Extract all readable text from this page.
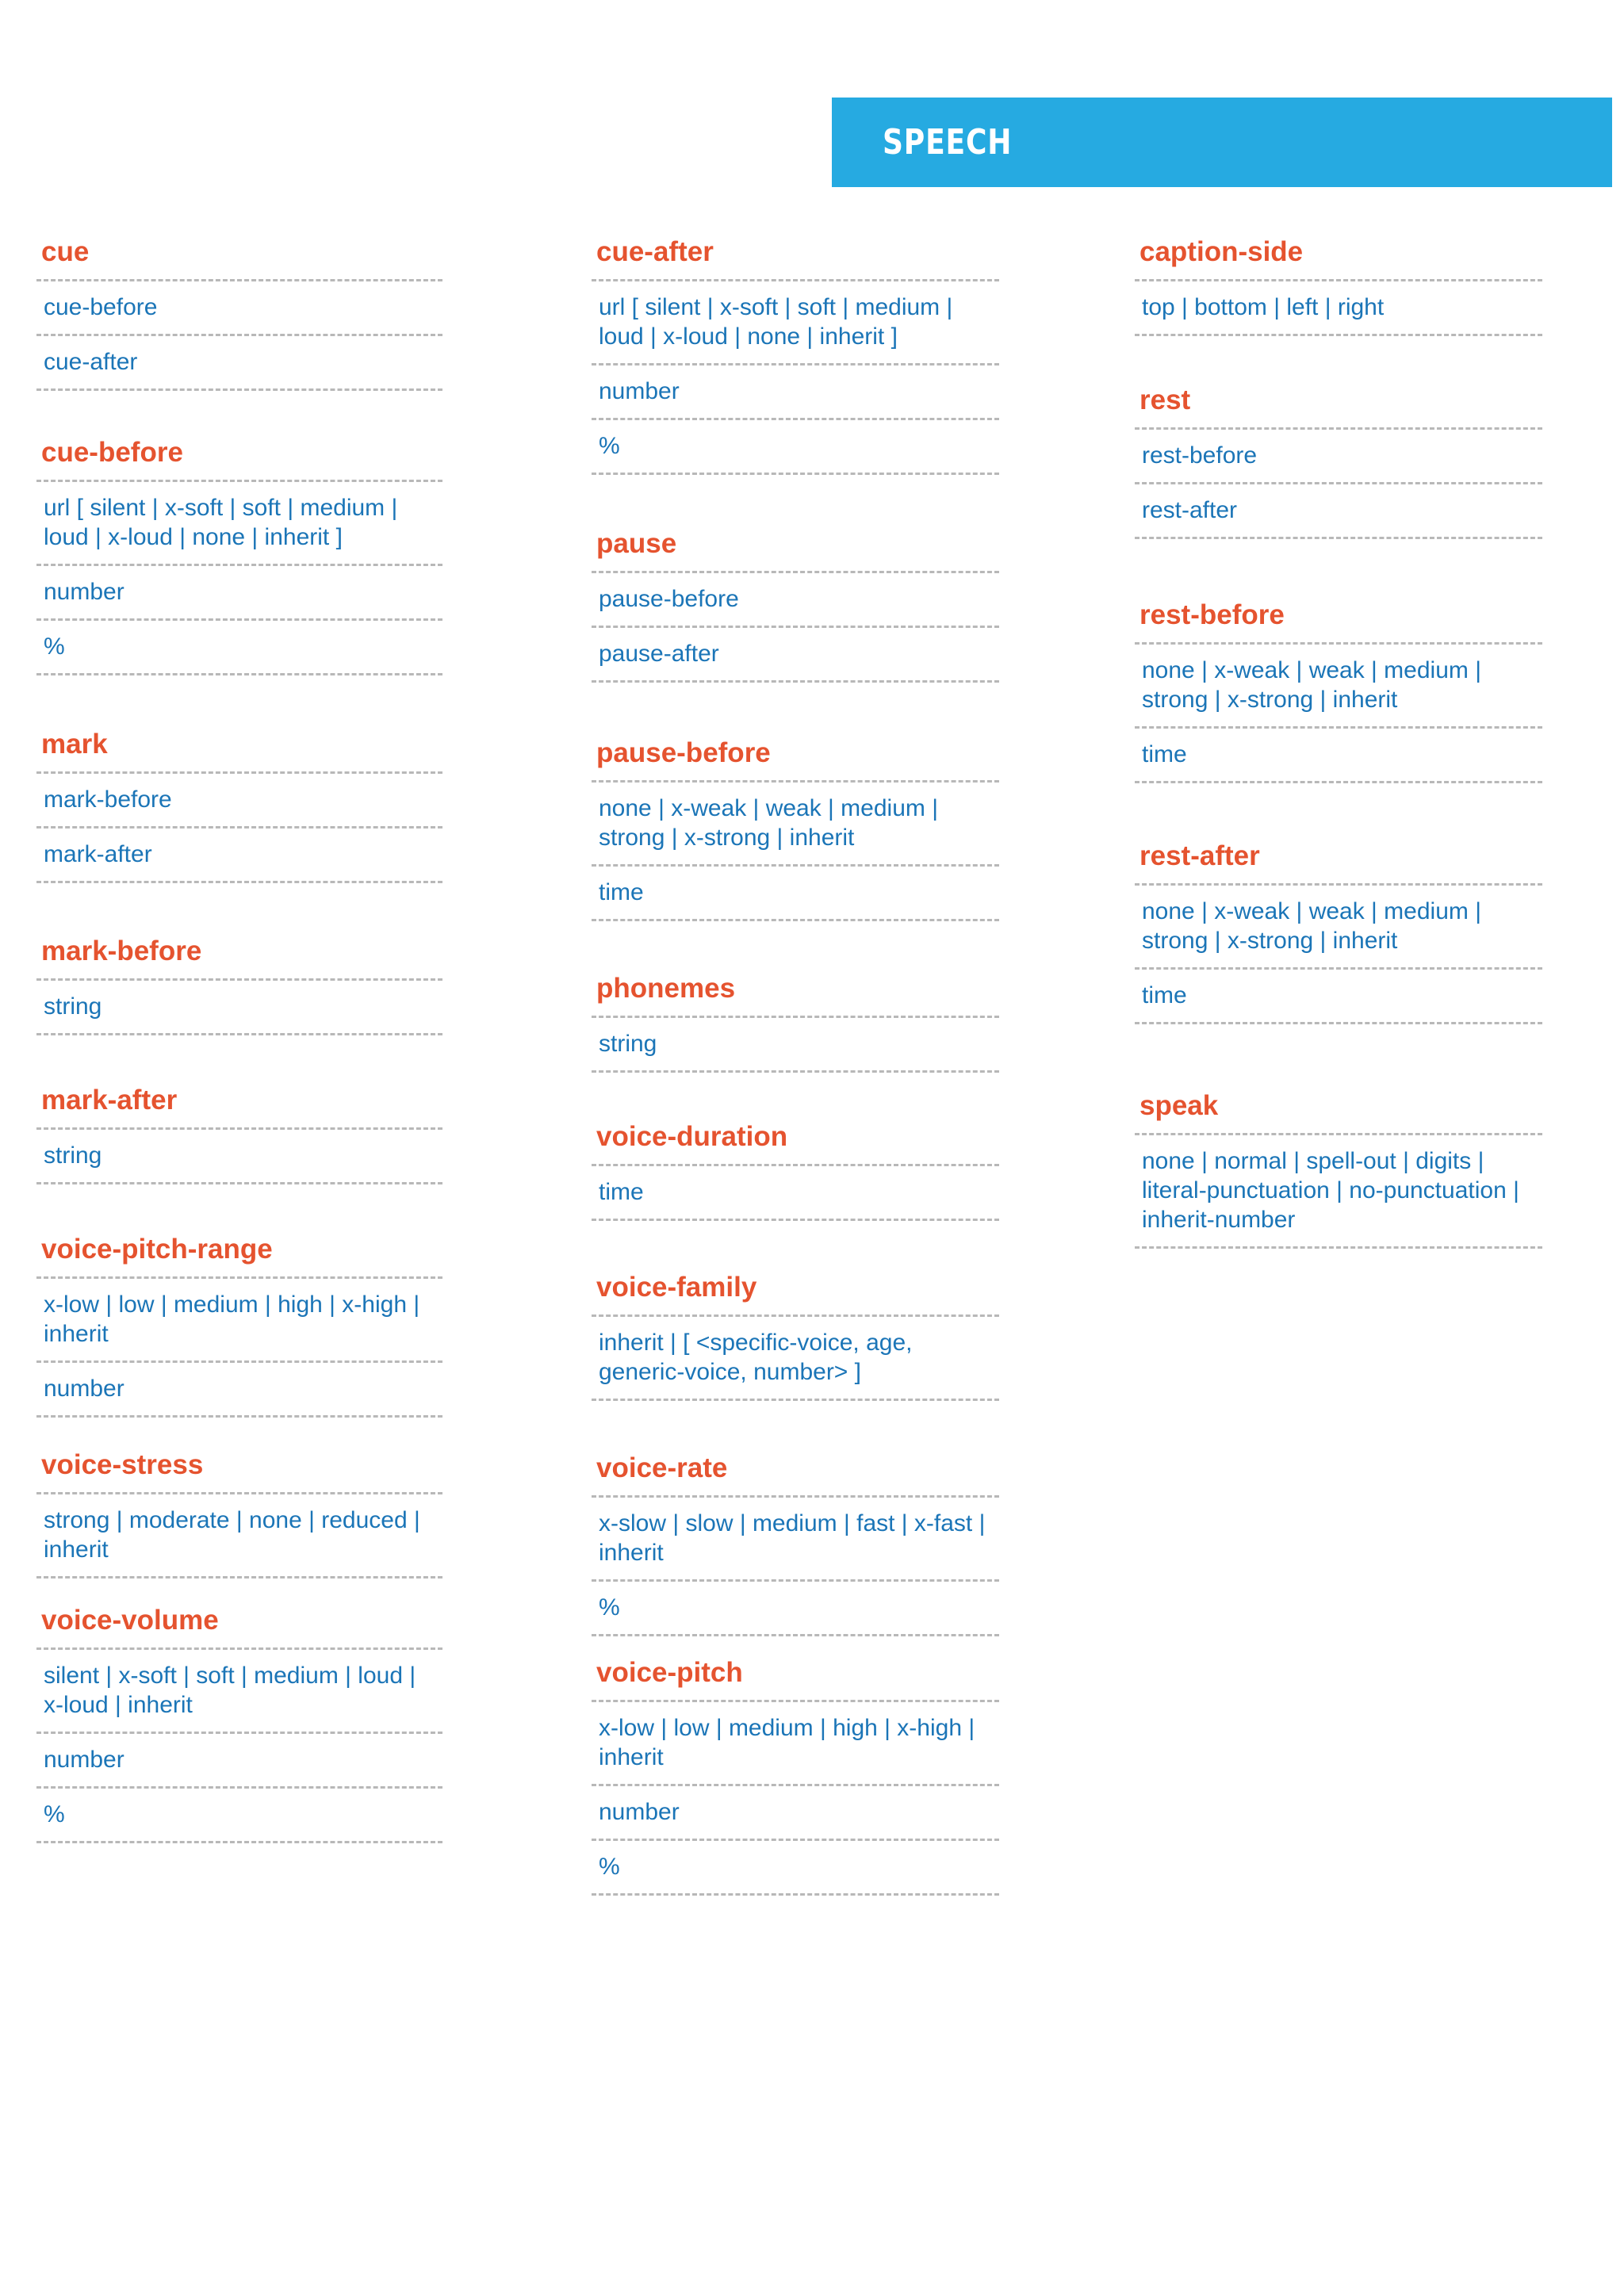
SPEECH
cue
cue-before
cue-after
cue-before
url [ silent | x-soft | soft | medium | loud | x-loud | none | inherit ]
number
%
mark
mark-before
mark-after
mark-before
string
mark-after
string
voice-pitch-range
x-low | low | medium | high | x-high | inherit
number
voice-stress
strong | moderate | none | reduced | inherit
voice-volume
silent | x-soft | soft | medium | loud | x-loud | inherit
number
%
cue-after
url [ silent | x-soft | soft | medium | loud | x-loud | none | inherit ]
number
%
pause
pause-before
pause-after
pause-before
none | x-weak | weak | medium | strong | x-strong | inherit
time
phonemes
string
voice-duration
time
voice-family
inherit | [ <specific-voice, age, generic-voice, number> ]
voice-rate
x-slow | slow | medium | fast | x-fast | inherit
%
voice-pitch
x-low | low | medium | high | x-high | inherit
number
%
caption-side
top | bottom | left | right
rest
rest-before
rest-after
rest-before
none | x-weak | weak | medium | strong | x-strong | inherit
time
rest-after
none | x-weak | weak | medium | strong | x-strong | inherit
time
speak
none | normal | spell-out | digits | literal-punctuation | no-punctuation | inherit-number
